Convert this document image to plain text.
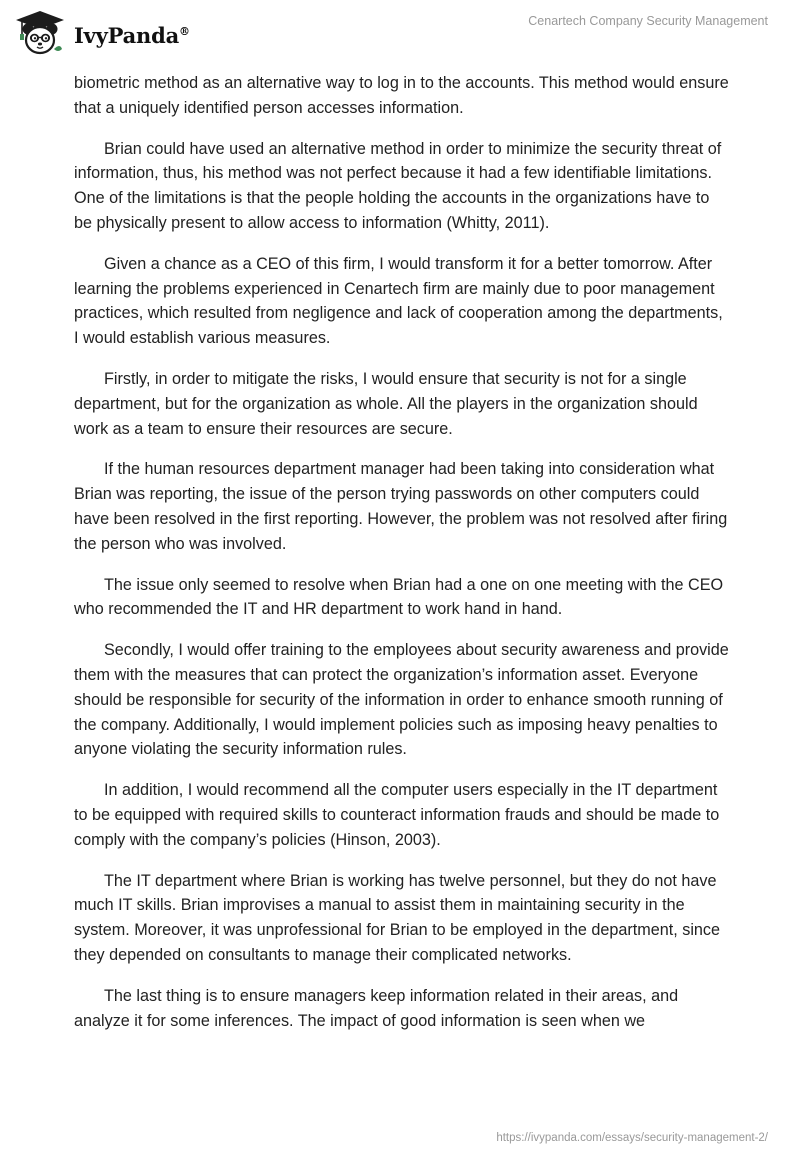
IvyPanda®
Cenartech Company Security Management

biometric method as an alternative way to log in to the accounts. This method would ensure that a uniquely identified person accesses information.

Brian could have used an alternative method in order to minimize the security threat of information, thus, his method was not perfect because it had a few identifiable limitations. One of the limitations is that the people holding the accounts in the organizations have to be physically present to allow access to information (Whitty, 2011).

Given a chance as a CEO of this firm, I would transform it for a better tomorrow. After learning the problems experienced in Cenartech firm are mainly due to poor management practices, which resulted from negligence and lack of cooperation among the departments, I would establish various measures.

Firstly, in order to mitigate the risks, I would ensure that security is not for a single department, but for the organization as whole. All the players in the organization should work as a team to ensure their resources are secure.

If the human resources department manager had been taking into consideration what Brian was reporting, the issue of the person trying passwords on other computers could have been resolved in the first reporting. However, the problem was not resolved after firing the person who was involved.

The issue only seemed to resolve when Brian had a one on one meeting with the CEO who recommended the IT and HR department to work hand in hand.

Secondly, I would offer training to the employees about security awareness and provide them with the measures that can protect the organization’s information asset. Everyone should be responsible for security of the information in order to enhance smooth running of the company. Additionally, I would implement policies such as imposing heavy penalties to anyone violating the security information rules.

In addition, I would recommend all the computer users especially in the IT department to be equipped with required skills to counteract information frauds and should be made to comply with the company’s policies (Hinson, 2003).

The IT department where Brian is working has twelve personnel, but they do not have much IT skills. Brian improvises a manual to assist them in maintaining security in the system. Moreover, it was unprofessional for Brian to be employed in the department, since they depended on consultants to manage their complicated networks.

The last thing is to ensure managers keep information related in their areas, and analyze it for some inferences. The impact of good information is seen when we

https://ivypanda.com/essays/security-management-2/
